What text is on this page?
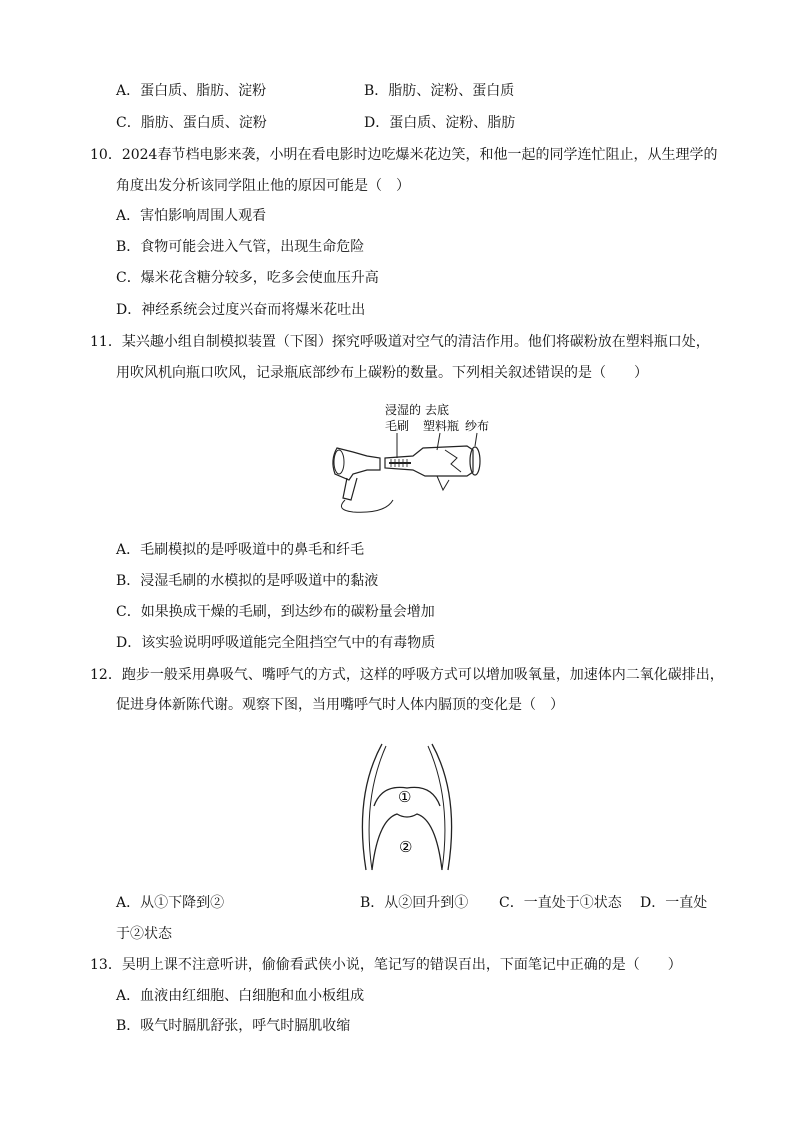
A．蛋白质、脂肪、淀粉	B．脂肪、淀粉、蛋白质
C．脂肪、蛋白质、淀粉	D．蛋白质、淀粉、脂肪
10．2024春节档电影来袭，小明在看电影时边吃爆米花边笑，和他一起的同学连忙阻止，从生理学的
角度出发分析该同学阻止他的原因可能是（　）
A．害怕影响周围人观看
B．食物可能会进入气管，出现生命危险
C．爆米花含糖分较多，吃多会使血压升高
D．神经系统会过度兴奋而将爆米花吐出
11．某兴趣小组自制模拟装置（下图）探究呼吸道对空气的清洁作用。他们将碳粉放在塑料瓶口处，
用吹风机向瓶口吹风，记录瓶底部纱布上碳粉的数量。下列相关叙述错误的是（　　）
浸湿的
毛刷
去底
塑料瓶 纱布
A．毛刷模拟的是呼吸道中的鼻毛和纤毛
B．浸湿毛刷的水模拟的是呼吸道中的黏液
C．如果换成干燥的毛刷，到达纱布的碳粉量会增加
D．该实验说明呼吸道能完全阻挡空气中的有毒物质
12．跑步一般采用鼻吸气、嘴呼气的方式，这样的呼吸方式可以增加吸氧量，加速体内二氧化碳排出，
促进身体新陈代谢。观察下图，当用嘴呼气时人体内膈顶的变化是（　）
①
②
A．从①下降到②	B．从②回升到① C．一直处于①状态 D．一直处
于②状态
13．吴明上课不注意听讲，偷偷看武侠小说，笔记写的错误百出，下面笔记中正确的是（　　）
A．血液由红细胞、白细胞和血小板组成
B．吸气时膈肌舒张，呼气时膈肌收缩
